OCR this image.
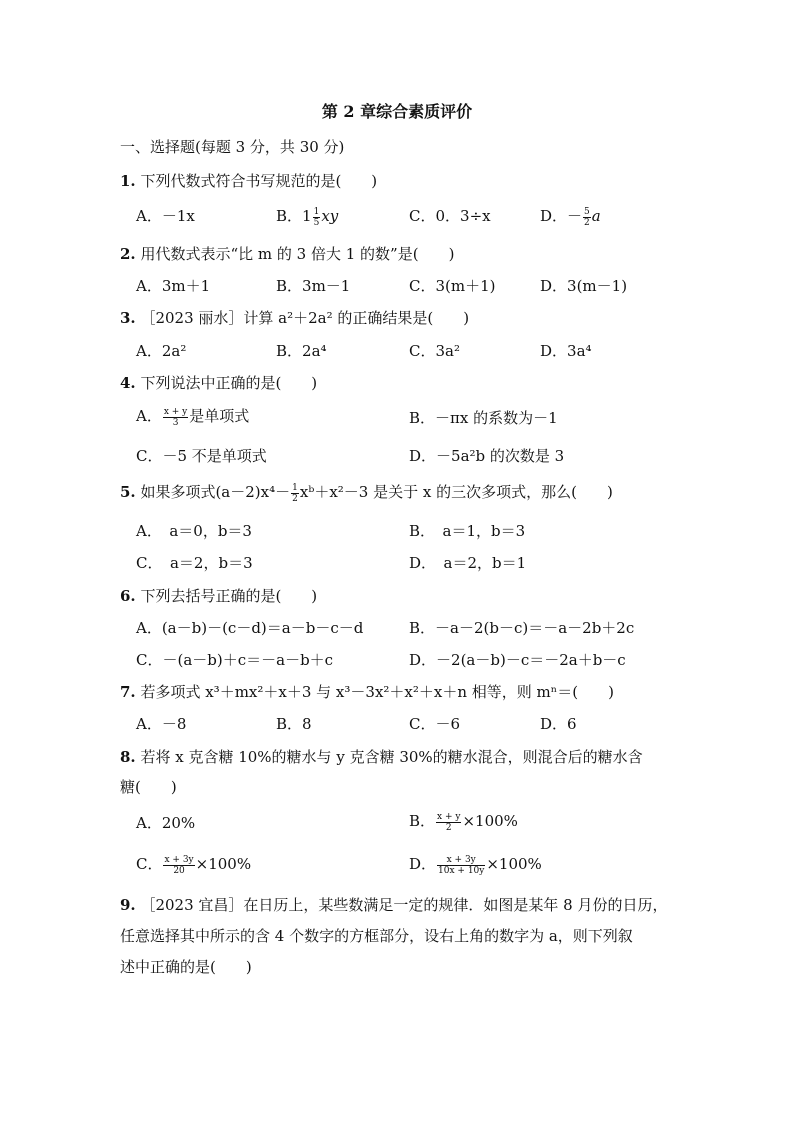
第 2 章综合素质评价
一、选择题(每题 3 分，共 30 分)
1. 下列代数式符合书写规范的是(　　)
A．－1x	B．$1 \frac{1}{5}$ xy	C．0．3÷x	D．－ $\frac{5}{2}$ a
2. 用代数式表示“比 m 的 3 倍大 1 的数”是(　　)
A．3m＋1	B．3m－1	C．3(m＋1)	D．3(m－1)
3. ［2023 丽水］计算 a²＋2a² 的正确结果是(　　)
A．2a²	B．2a⁴	C．3a²	D．3a⁴
4. 下列说法中正确的是(　　)
A． $\frac{x + y}{3}$ 是单项式	B．－πx 的系数为－1
C．－5 不是单项式	D．－5a²b 的次数是 3
5. 如果多项式$(a-2)x^4- \frac{1}{2}$ xᵇ＋x²－3 是关于 x 的三次多项式，那么(　　)
A．　a＝0，b＝3	B．　a＝1，b＝3
C．　a＝2，b＝3	D．　a＝2，b＝1
6. 下列去括号正确的是(　　)
A．(a－b)－(c－d)＝a－b－c－d	B．－a－2(b－c)＝－a－2b＋2c
C．－(a－b)＋c＝－a－b＋c	D．－2(a－b)－c＝－2a＋b－c
7. 若多项式 x³＋mx²＋x＋3 与 x³－3x²＋x²＋x＋n 相等，则 mⁿ＝(　　)
A．－8	B．8	C．－6	D．6
8. 若将 x 克含糖 10%的糖水与 y 克含糖 30%的糖水混合，则混合后的糖水含
糖(　　)
A．20%	B． $\frac{x + y}{2} \times 100\%$
C． $\frac{x + 3y}{20} \times 100\%$	D． $\frac{x + 3y}{10x + 10y} \times 100\%$
9. ［2023 宜昌］在日历上，某些数满足一定的规律．如图是某年 8 月份的日历，
任意选择其中所示的含 4 个数字的方框部分，设右上角的数字为 a，则下列叙
述中正确的是(　　)
